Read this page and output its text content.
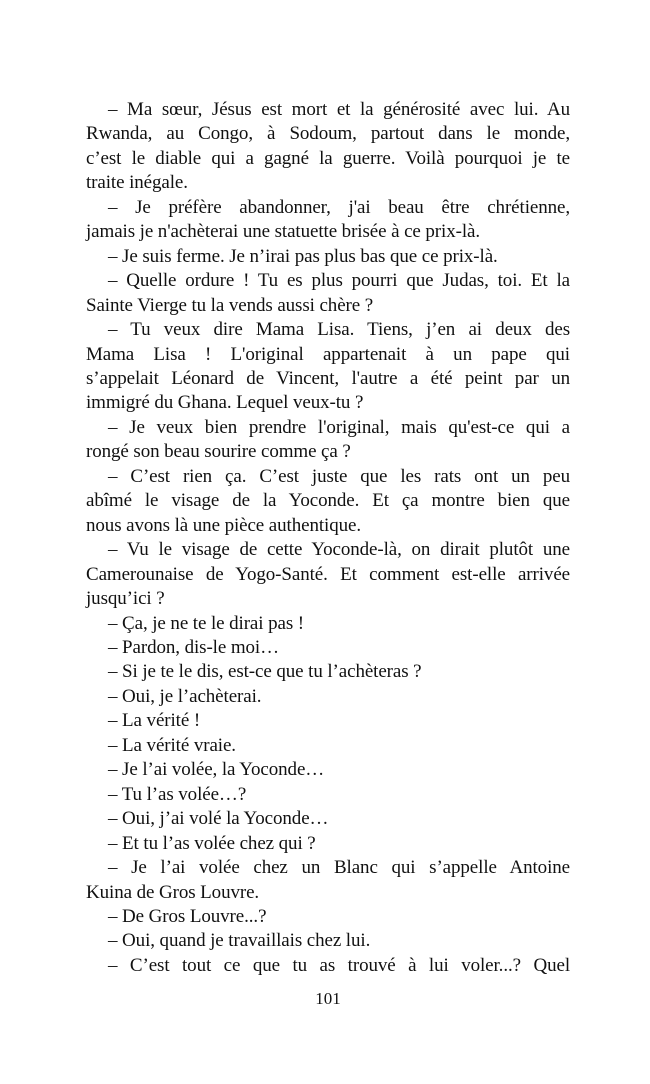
– Ma sœur, Jésus est mort et la générosité avec lui. Au
Rwanda, au Congo, à Sodoum, partout dans le monde,
c’est le diable qui a gagné la guerre. Voilà pourquoi je te
traite inégale.
– Je préfère abandonner, j'ai beau être chrétienne,
jamais je n'achèterai une statuette brisée à ce prix-là.
– Je suis ferme. Je n’irai pas plus bas que ce prix-là.
– Quelle ordure ! Tu es plus pourri que Judas, toi. Et la
Sainte Vierge tu la vends aussi chère ?
– Tu veux dire Mama Lisa. Tiens, j’en ai deux des
Mama Lisa ! L'original appartenait à un pape qui
s’appelait Léonard de Vincent, l'autre a été peint par un
immigré du Ghana. Lequel veux-tu ?
– Je veux bien prendre l'original, mais qu'est-ce qui a
rongé son beau sourire comme ça ?
– C’est rien ça. C’est juste que les rats ont un peu
abîmé le visage de la Yoconde. Et ça montre bien que
nous avons là une pièce authentique.
– Vu le visage de cette Yoconde-là, on dirait plutôt une
Camerounaise de Yogo-Santé. Et comment est-elle arrivée
jusqu’ici ?
– Ça, je ne te le dirai pas !
– Pardon, dis-le moi…
– Si je te le dis, est-ce que tu l’achèteras ?
– Oui, je l’achèterai.
– La vérité !
– La vérité vraie.
– Je l’ai volée, la Yoconde…
– Tu l’as volée…?
– Oui, j’ai volé la Yoconde…
– Et tu l’as volée chez qui ?
– Je l’ai volée chez un Blanc qui s’appelle Antoine
Kuina de Gros Louvre.
– De Gros Louvre...?
– Oui, quand je travaillais chez lui.
– C’est tout ce que tu as trouvé à lui voler...? Quel
101
